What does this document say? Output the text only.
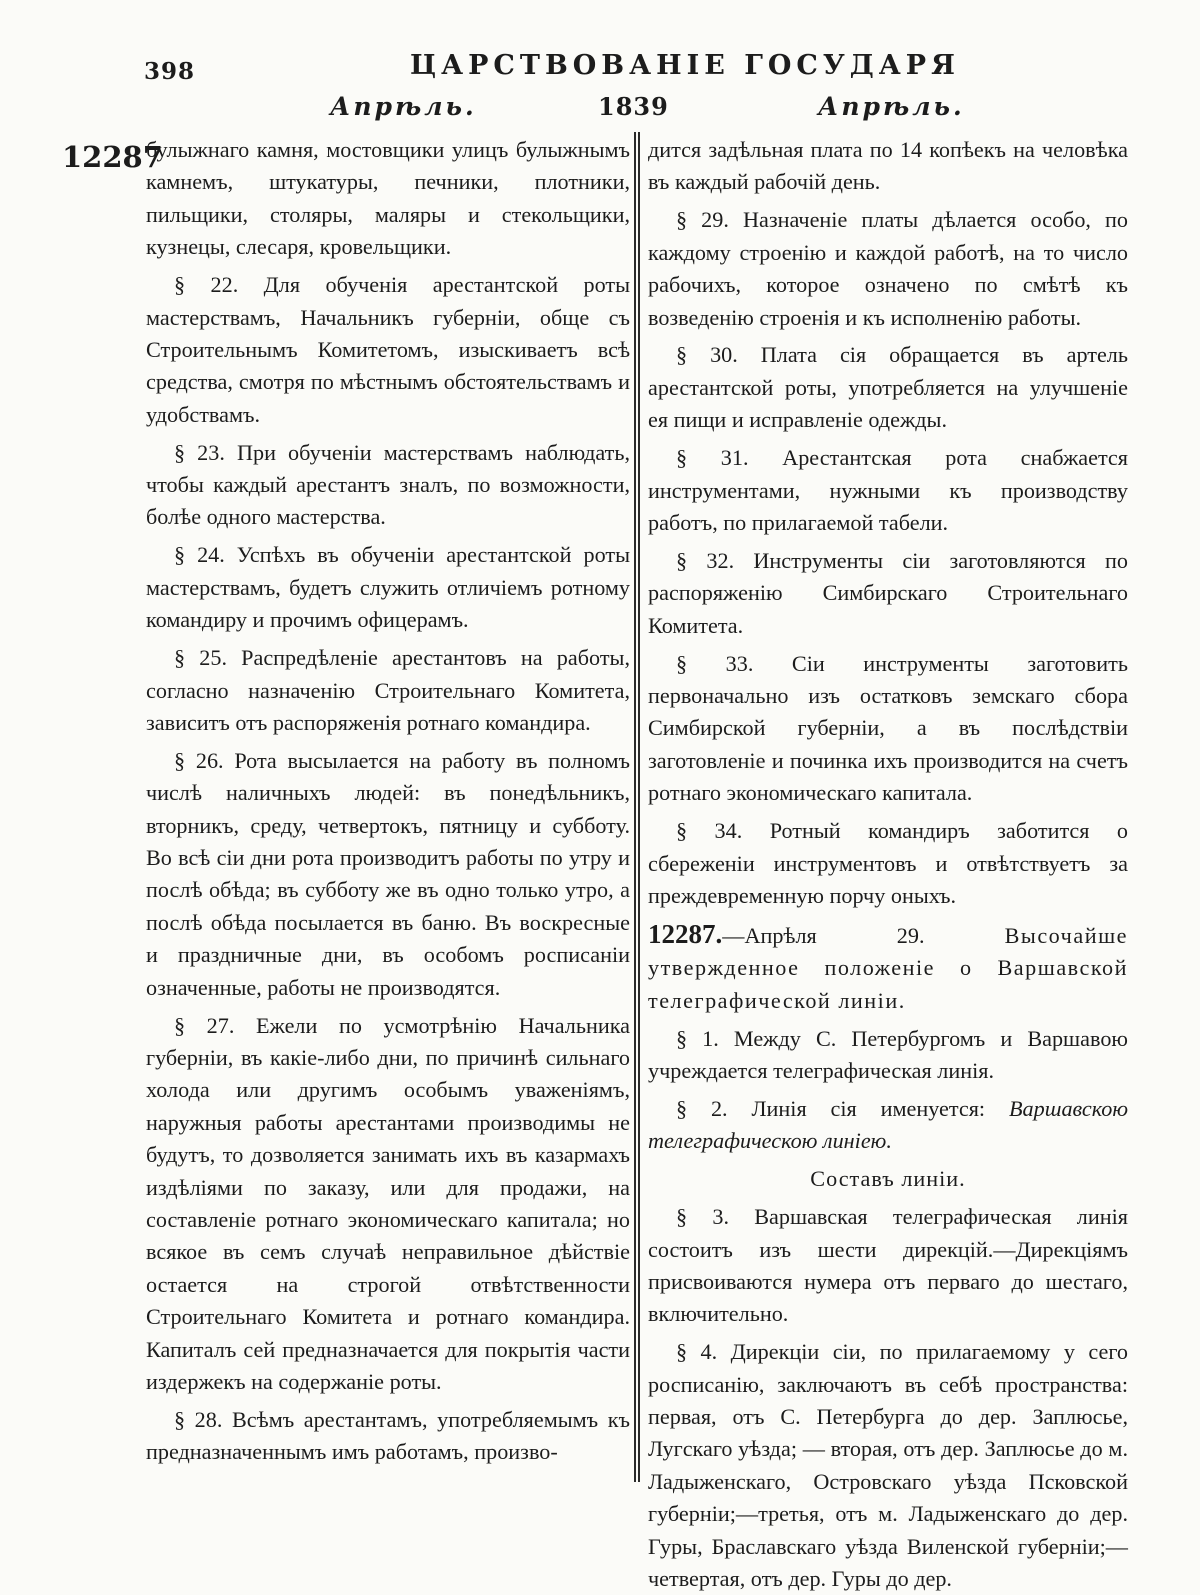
398	ЦАРСТВОВАНІЕ ГОСУДАРЯ
Апрѣль.	1839	Апрѣль.
12287

булыжнаго камня, мостовщики улицъ булыжнымъ камнемъ, штукатуры, печники, плотники, пильщики, столяры, маляры и стекольщики, кузнецы, слесаря, кровельщики.

§ 22. Для обученія арестантской роты мастерствамъ, Начальникъ губерніи, обще съ Строительнымъ Комитетомъ, изыскиваетъ всѣ средства, смотря по мѣстнымъ обстоятельствамъ и удобствамъ.

§ 23. При обученіи мастерствамъ наблюдать, чтобы каждый арестантъ зналъ, по возможности, болѣе одного мастерства.

§ 24. Успѣхъ въ обученіи арестантской роты мастерствамъ, будетъ служить отличіемъ ротному командиру и прочимъ офицерамъ.

§ 25. Распредѣленіе арестантовъ на работы, согласно назначенію Строительнаго Комитета, зависитъ отъ распоряженія ротнаго командира.

§ 26. Рота высылается на работу въ полномъ числѣ наличныхъ людей: въ понедѣльникъ, вторникъ, среду, четвертокъ, пятницу и субботу. Во всѣ сіи дни рота производитъ работы по утру и послѣ обѣда; въ субботу же въ одно только утро, а послѣ обѣда посылается въ баню. Въ воскресные и праздничные дни, въ особомъ росписаніи означенные, работы не производятся.

§ 27. Ежели по усмотрѣнію Начальника губерніи, въ какіе-либо дни, по причинѣ сильнаго холода или другимъ особымъ уваженіямъ, наружныя работы арестантами производимы не будутъ, то дозволяется занимать ихъ въ казармахъ издѣліями по заказу, или для продажи, на составленіе ротнаго экономическаго капитала; но всякое въ семъ случаѣ неправильное дѣйствіе остается на строгой отвѣтственности Строительнаго Комитета и ротнаго командира. Капиталъ сей предназначается для покрытія части издержекъ на содержаніе роты.

§ 28. Всѣмъ арестантамъ, употребляемымъ къ предназначеннымъ имъ работамъ, произво-

дится задѣльная плата по 14 копѣекъ на человѣка въ каждый рабочій день.

§ 29. Назначеніе платы дѣлается особо, по каждому строенію и каждой работѣ, на то число рабочихъ, которое означено по смѣтѣ къ возведенію строенія и къ исполненію работы.

§ 30. Плата сія обращается въ артель арестантской роты, употребляется на улучшеніе ея пищи и исправленіе одежды.

§ 31. Арестантская рота снабжается инструментами, нужными къ производству работъ, по прилагаемой табели.

§ 32. Инструменты сіи заготовляются по распоряженію Симбирскаго Строительнаго Комитета.

§ 33. Сіи инструменты заготовить первоначально изъ остатковъ земскаго сбора Симбирской губерніи, а въ послѣдствіи заготовленіе и починка ихъ производится на счетъ ротнаго экономическаго капитала.

§ 34. Ротный командиръ заботится о сбереженіи инструментовъ и отвѣтствуетъ за преждевременную порчу оныхъ.

12287.—Апрѣля 29.	Высочайше утвержденное положеніе о Варшавской телеграфической линіи.

§ 1. Между С. Петербургомъ и Варшавою учреждается телеграфическая линія.

§ 2. Линія сія именуется: Варшавскою телеграфическою линіею.

Составъ линіи.

§ 3. Варшавская телеграфическая линія состоитъ изъ шести дирекцій.—Дирекціямъ присвоиваются нумера отъ перваго до шестаго, включительно.

§ 4. Дирекціи сіи, по прилагаемому у сего росписанію, заключаютъ въ себѣ пространства: первая, отъ С. Петербурга до дер. Заплюсье, Лугскаго уѣзда; — вторая, отъ дер. Заплюсье до м. Ладыженскаго, Островскаго уѣзда Псковской губерніи;—третья, отъ м. Ладыженскаго до дер. Гуры, Браславскаго уѣзда Виленской губерніи;—четвертая, отъ дер. Гуры до дер.
